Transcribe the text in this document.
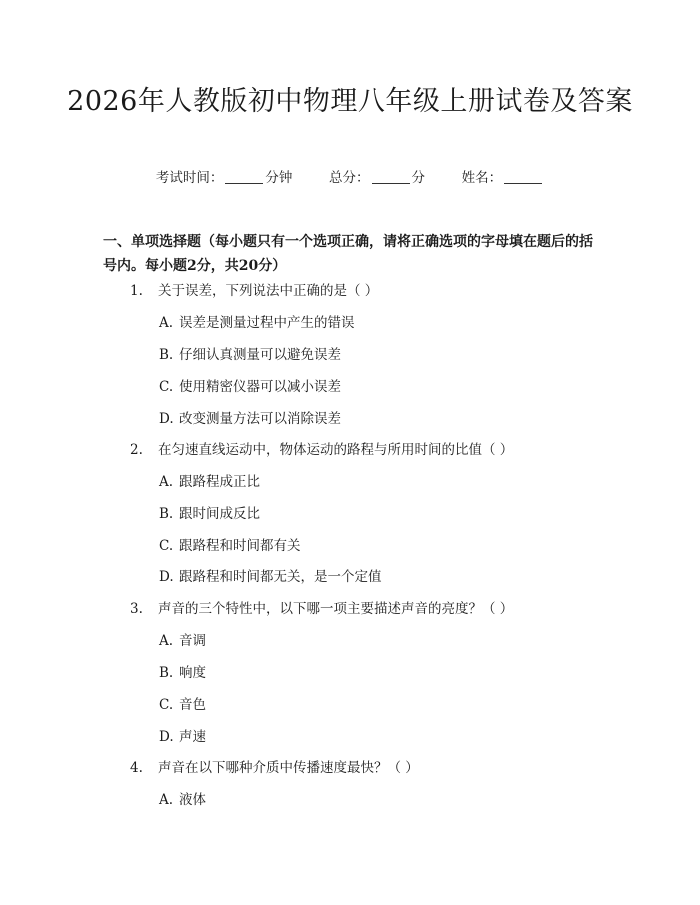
2026年人教版初中物理八年级上册试卷及答案
考试时间：	分钟	总分：	分	姓名：
一、单项选择题（每小题只有一个选项正确，请将正确选项的字母填在题后的括号内。每小题2分，共20分）
1. 关于误差，下列说法中正确的是（ ）
A. 误差是测量过程中产生的错误
B. 仔细认真测量可以避免误差
C. 使用精密仪器可以减小误差
D. 改变测量方法可以消除误差
2. 在匀速直线运动中，物体运动的路程与所用时间的比值（ ）
A. 跟路程成正比
B. 跟时间成反比
C. 跟路程和时间都有关
D. 跟路程和时间都无关，是一个定值
3. 声音的三个特性中，以下哪一项主要描述声音的亮度？（ ）
A. 音调
B. 响度
C. 音色
D. 声速
4. 声音在以下哪种介质中传播速度最快？（ ）
A. 液体
